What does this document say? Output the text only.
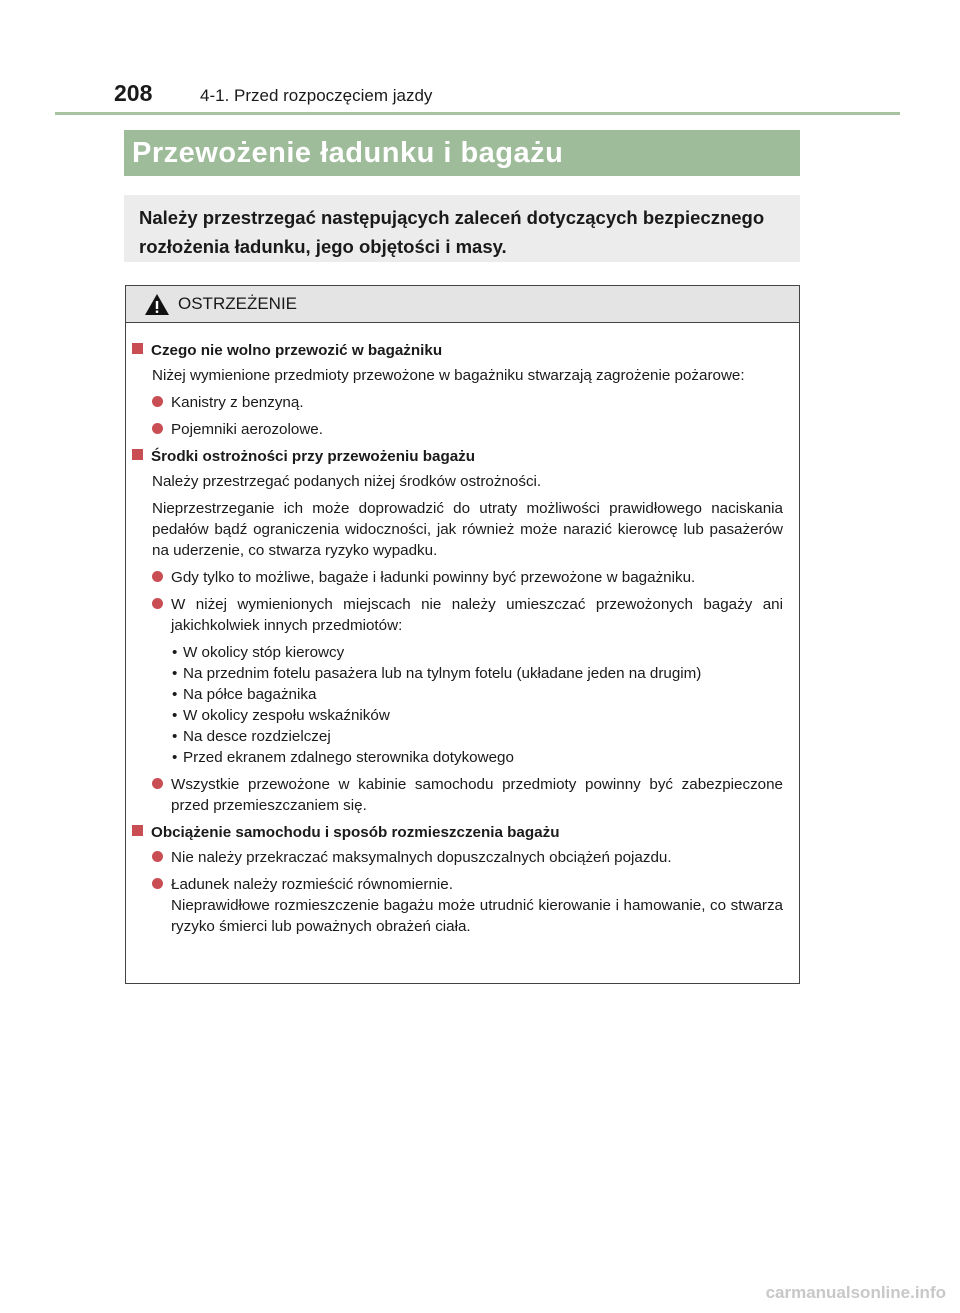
208	4-1. Przed rozpoczęciem jazdy
Przewożenie ładunku i bagażu
Należy przestrzegać następujących zaleceń dotyczących bezpiecznego rozłożenia ładunku, jego objętości i masy.
OSTRZEŻENIE
Czego nie wolno przewozić w bagażniku
Niżej wymienione przedmioty przewożone w bagażniku stwarzają zagrożenie pożarowe:
Kanistry z benzyną.
Pojemniki aerozolowe.
Środki ostrożności przy przewożeniu bagażu
Należy przestrzegać podanych niżej środków ostrożności.
Nieprzestrzeganie ich może doprowadzić do utraty możliwości prawidłowego naciskania pedałów bądź ograniczenia widoczności, jak również może narazić kierowcę lub pasażerów na uderzenie, co stwarza ryzyko wypadku.
Gdy tylko to możliwe, bagaże i ładunki powinny być przewożone w bagażniku.
W niżej wymienionych miejscach nie należy umieszczać przewożonych bagaży ani jakichkolwiek innych przedmiotów:
• W okolicy stóp kierowcy
• Na przednim fotelu pasażera lub na tylnym fotelu (układane jeden na drugim)
• Na półce bagażnika
• W okolicy zespołu wskaźników
• Na desce rozdzielczej
• Przed ekranem zdalnego sterownika dotykowego
Wszystkie przewożone w kabinie samochodu przedmioty powinny być zabezpieczone przed przemieszczaniem się.
Obciążenie samochodu i sposób rozmieszczenia bagażu
Nie należy przekraczać maksymalnych dopuszczalnych obciążeń pojazdu.
Ładunek należy rozmieścić równomiernie.
Nieprawidłowe rozmieszczenie bagażu może utrudnić kierowanie i hamowanie, co stwarza ryzyko śmierci lub poważnych obrażeń ciała.
carmanualsonline.info
